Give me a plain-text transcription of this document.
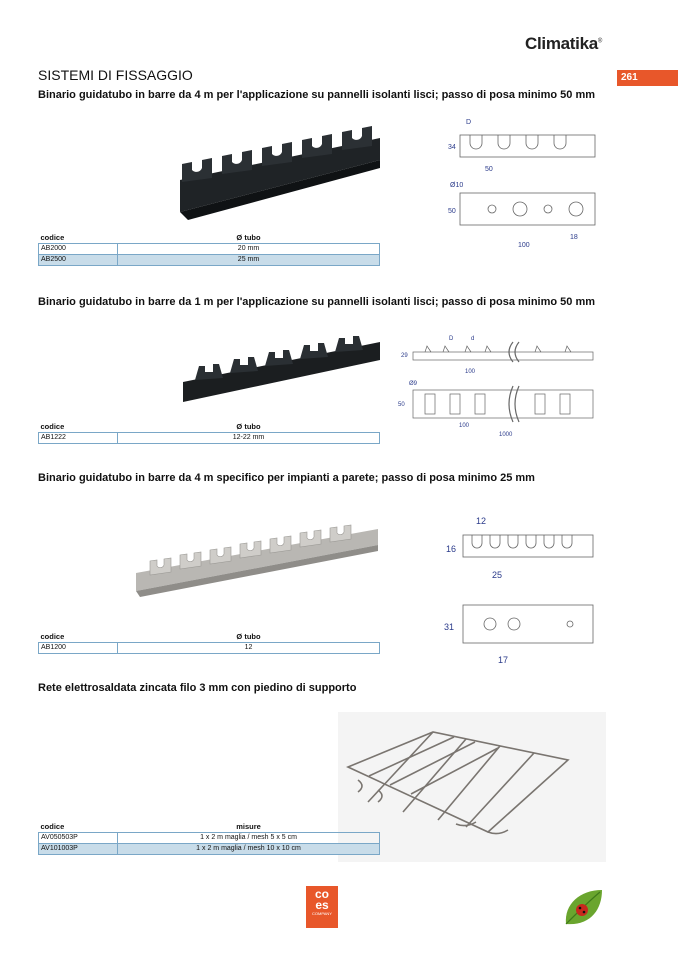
Climatika®
261
SISTEMI DI FISSAGGIO
Binario guidatubo in barre da 4 m per l'applicazione su pannelli isolanti lisci; passo di posa minimo 50 mm
D
34
50
Ø10
50
100
18
codice	Ø tubo
AB2000	20 mm
AB2500	25 mm
Binario guidatubo in barre da 1 m per l'applicazione su pannelli isolanti lisci; passo di posa minimo 50 mm
D	d
29
100
Ø9
50
100
1000
codice	Ø tubo
AB1222	12-22 mm
Binario guidatubo in barre da 4 m specifico per impianti a parete; passo di posa minimo 25 mm
12
16
25
31
17
codice	Ø tubo
AB1200	12
Rete elettrosaldata zincata filo 3 mm con piedino di supporto
codice	misure
AV050503P	1 x 2 m maglia / mesh 5 x 5 cm
AV101003P	1 x 2 m maglia / mesh 10 x 10 cm
co
es
COMPANY
